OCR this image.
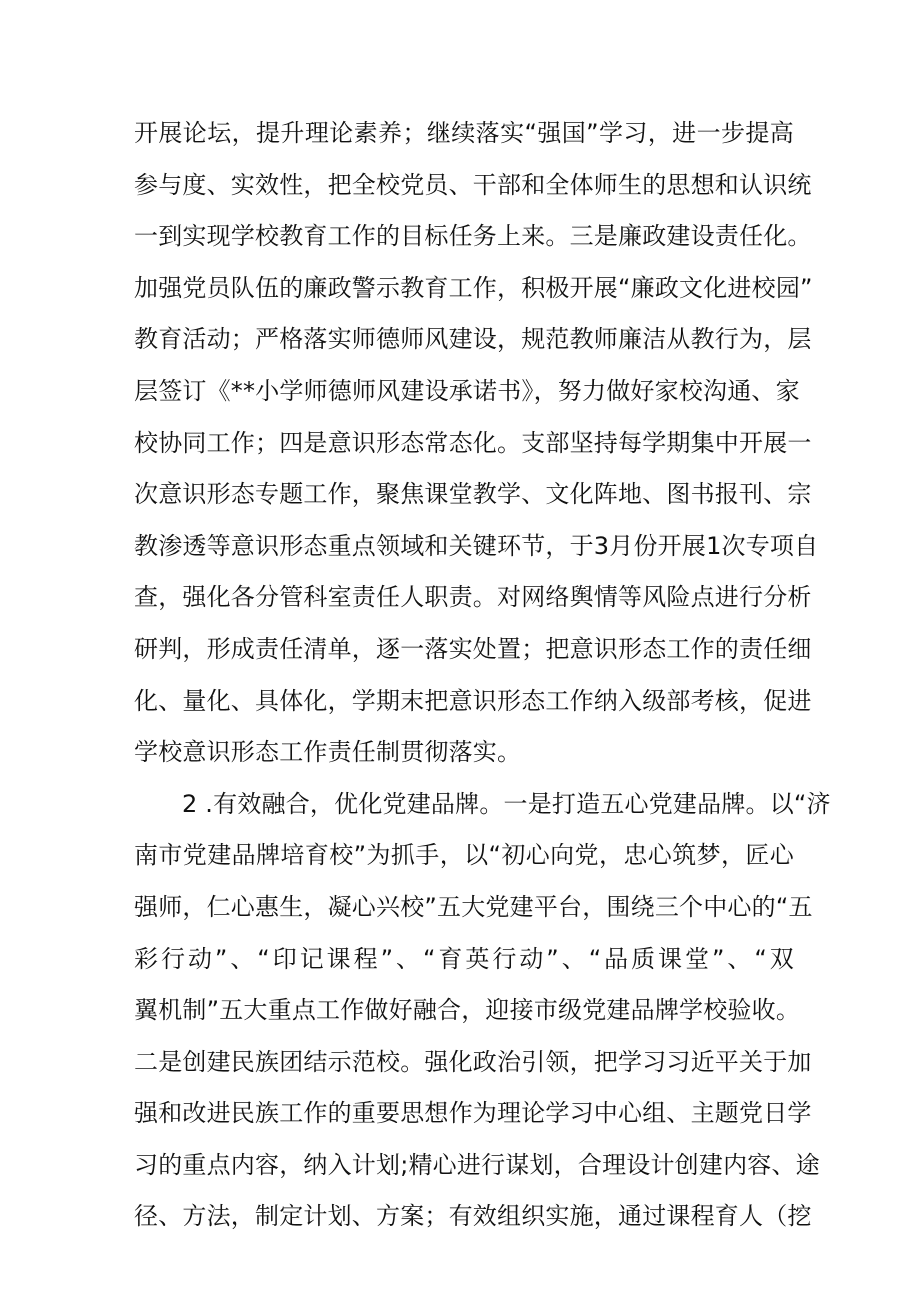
开展论坛，提升理论素养；继续落实“强国”学习，进一步提高
参与度、实效性，把全校党员、干部和全体师生的思想和认识统
一到实现学校教育工作的目标任务上来。三是廉政建设责任化。
加强党员队伍的廉政警示教育工作，积极开展“廉政文化进校园”
教育活动；严格落实师德师风建设，规范教师廉洁从教行为，层
层签订《**小学师德师风建设承诺书》，努力做好家校沟通、家
校协同工作；四是意识形态常态化。支部坚持每学期集中开展一
次意识形态专题工作，聚焦课堂教学、文化阵地、图书报刊、宗
教渗透等意识形态重点领域和关键环节，于3月份开展1次专项自
查，强化各分管科室责任人职责。对网络舆情等风险点进行分析
研判，形成责任清单，逐一落实处置；把意识形态工作的责任细
化、量化、具体化，学期末把意识形态工作纳入级部考核，促进
学校意识形态工作责任制贯彻落实。
2 .有效融合，优化党建品牌。一是打造五心党建品牌。以“济
南市党建品牌培育校”为抓手，以“初心向党，忠心筑梦，匠心
强师，仁心惠生，凝心兴校”五大党建平台，围绕三个中心的“五
彩行动”、“印记课程”、“育英行动”、“品质课堂”、“双
翼机制”五大重点工作做好融合，迎接市级党建品牌学校验收。
二是创建民族团结示范校。强化政治引领，把学习习近平关于加
强和改进民族工作的重要思想作为理论学习中心组、主题党日学
习的重点内容，纳入计划;精心进行谋划，合理设计创建内容、途
径、方法，制定计划、方案；有效组织实施，通过课程育人（挖
